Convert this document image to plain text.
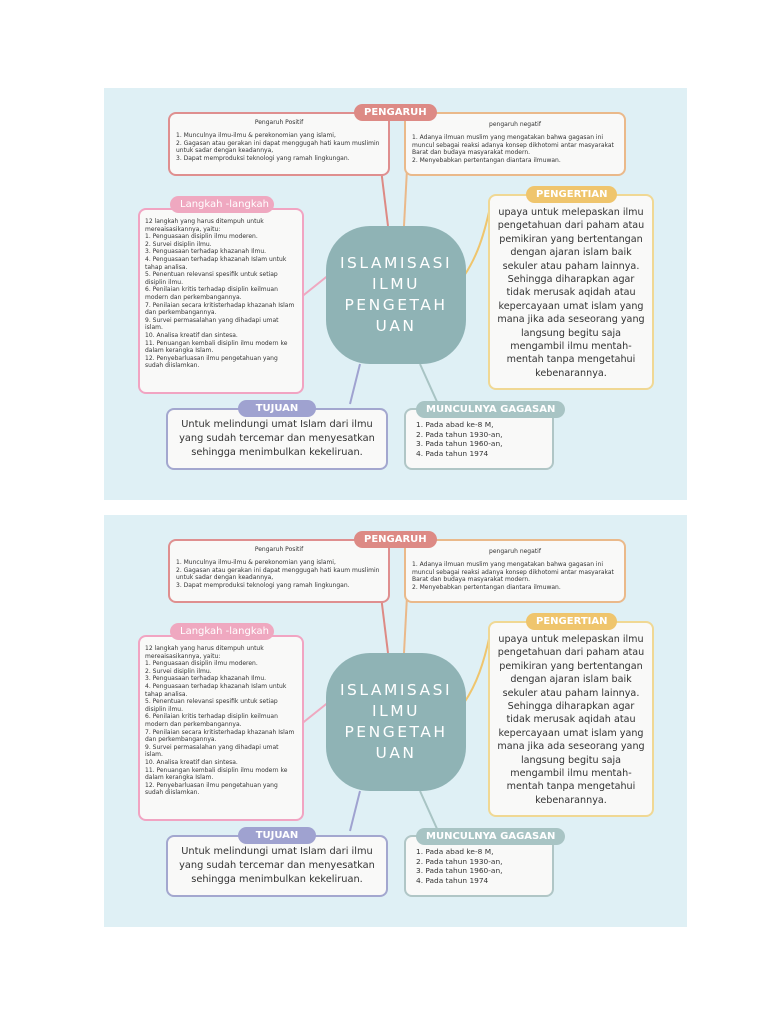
Pengaruh Positif
1. Munculnya ilmu-ilmu & perekonomian yang islami,
2. Gagasan atau gerakan ini dapat menggugah hati kaum muslimin untuk sadar dengan keadannya,
3. Dapat memproduksi teknologi yang ramah lingkungan.
pengaruh negatif
1. Adanya ilmuan muslim yang mengatakan bahwa gagasan ini muncul sebagai reaksi adanya konsep dikhotomi antar masyarakat Barat dan budaya masyarakat modern.
2. Menyebabkan pertentangan diantara ilmuwan.
PENGARUH
12 langkah yang harus ditempuh untuk mereaisasikannya, yaitu:
1. Penguasaan disiplin ilmu moderen.
2. Survei disiplin ilmu.
3. Penguasaan terhadap khazanah Ilmu.
4. Penguasaan terhadap khazanah Islam untuk tahap analisa.
5. Penentuan relevansi spesifik untuk setiap disiplin ilmu.
6. Penilaian kritis terhadap disiplin keilmuan modern dan perkembangannya.
7. Penilaian secara kritisterhadap khazanah Islam dan perkembangannya.
9. Survei permasalahan yang dihadapi umat islam.
10. Analisa kreatif dan sintesa.
11. Penuangan kembali disiplin ilmu modern ke dalam kerangka Islam.
12. Penyebarluasan ilmu pengetahuan yang sudah diislamkan.
Langkah -langkah
upaya untuk melepaskan ilmu pengetahuan dari paham atau pemikiran yang bertentangan dengan ajaran islam baik sekuler atau paham lainnya. Sehingga diharapkan agar tidak merusak aqidah atau kepercayaan umat islam yang mana jika ada seseorang yang langsung begitu saja mengambil ilmu mentah-mentah tanpa mengetahui kebenarannya.
PENGERTIAN
ISLAMISASI ILMU PENGETAH UAN
Untuk melindungi umat Islam dari ilmu yang sudah tercemar dan menyesatkan sehingga menimbulkan kekeliruan.
TUJUAN
1. Pada abad ke-8 M,
2. Pada tahun 1930-an,
3. Pada tahun 1960-an,
4. Pada tahun 1974
MUNCULNYA GAGASAN
Pengaruh Positif
1. Munculnya ilmu-ilmu & perekonomian yang islami,
2. Gagasan atau gerakan ini dapat menggugah hati kaum muslimin untuk sadar dengan keadannya,
3. Dapat memproduksi teknologi yang ramah lingkungan.
pengaruh negatif
1. Adanya ilmuan muslim yang mengatakan bahwa gagasan ini muncul sebagai reaksi adanya konsep dikhotomi antar masyarakat Barat dan budaya masyarakat modern.
2. Menyebabkan pertentangan diantara ilmuwan.
PENGARUH
12 langkah yang harus ditempuh untuk mereaisasikannya, yaitu:
1. Penguasaan disiplin ilmu moderen.
2. Survei disiplin ilmu.
3. Penguasaan terhadap khazanah Ilmu.
4. Penguasaan terhadap khazanah Islam untuk tahap analisa.
5. Penentuan relevansi spesifik untuk setiap disiplin ilmu.
6. Penilaian kritis terhadap disiplin keilmuan modern dan perkembangannya.
7. Penilaian secara kritisterhadap khazanah Islam dan perkembangannya.
9. Survei permasalahan yang dihadapi umat islam.
10. Analisa kreatif dan sintesa.
11. Penuangan kembali disiplin ilmu modern ke dalam kerangka Islam.
12. Penyebarluasan ilmu pengetahuan yang sudah diislamkan.
Langkah -langkah
upaya untuk melepaskan ilmu pengetahuan dari paham atau pemikiran yang bertentangan dengan ajaran islam baik sekuler atau paham lainnya. Sehingga diharapkan agar tidak merusak aqidah atau kepercayaan umat islam yang mana jika ada seseorang yang langsung begitu saja mengambil ilmu mentah-mentah tanpa mengetahui kebenarannya.
PENGERTIAN
ISLAMISASI ILMU PENGETAH UAN
Untuk melindungi umat Islam dari ilmu yang sudah tercemar dan menyesatkan sehingga menimbulkan kekeliruan.
TUJUAN
1. Pada abad ke-8 M,
2. Pada tahun 1930-an,
3. Pada tahun 1960-an,
4. Pada tahun 1974
MUNCULNYA GAGASAN
